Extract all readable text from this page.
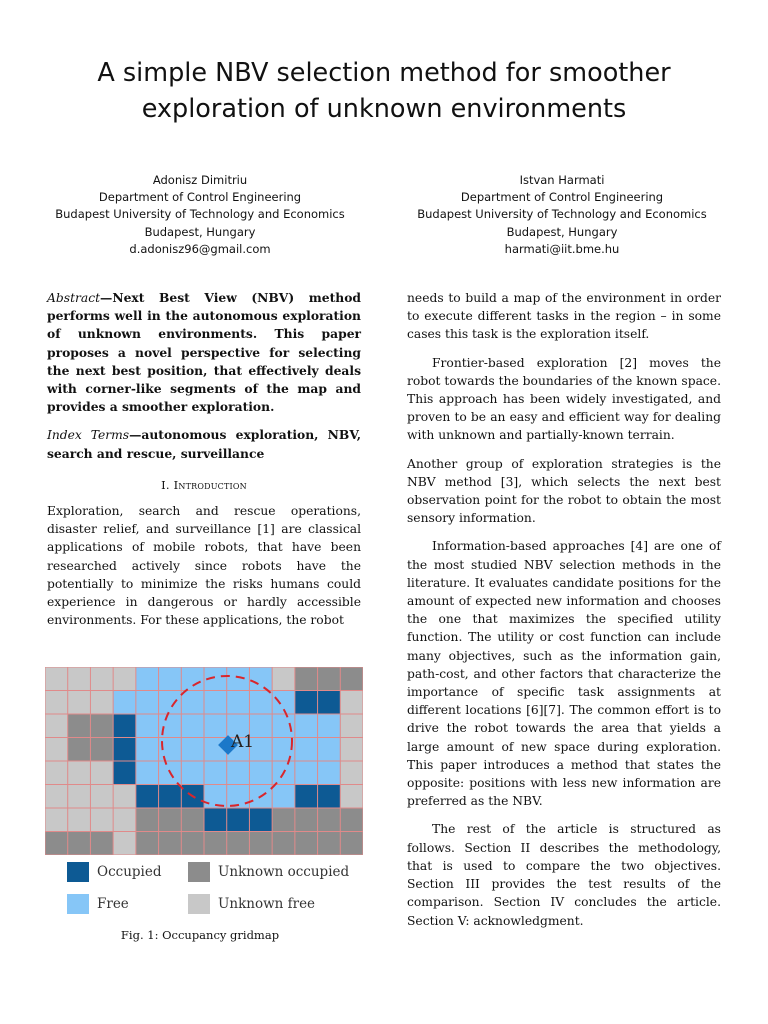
A simple NBV selection method for smoother
exploration of unknown environments
Adonisz Dimitriu
Department of Control Engineering
Budapest University of Technology and Economics
Budapest, Hungary
d.adonisz96@gmail.com
Istvan Harmati
Department of Control Engineering
Budapest University of Technology and Economics
Budapest, Hungary
harmati@iit.bme.hu

Abstract—Next Best View (NBV) method performs well in the autonomous exploration of unknown environments. This paper proposes a novel perspective for selecting the next best position, that effectively deals with corner-like segments of the map and provides a smoother exploration.

Index Terms—autonomous exploration, NBV, search and rescue, surveillance

I. Introduction

Exploration, search and rescue operations, disaster relief, and surveillance [1] are classical applications of mobile robots, that have been researched actively since robots have the potentially to minimize the risks humans could experience in dangerous or hardly accessible environments. For these applications, the robot

A1
Occupied	Unknown occupied
Free	Unknown free
Fig. 1: Occupancy gridmap

needs to build a map of the environment in order to execute different tasks in the region – in some cases this task is the exploration itself.

Frontier-based exploration [2] moves the robot towards the boundaries of the known space. This approach has been widely investigated, and proven to be an easy and efficient way for dealing with unknown and partially-known terrain.

Another group of exploration strategies is the NBV method [3], which selects the next best observation point for the robot to obtain the most sensory information.

Information-based approaches [4] are one of the most studied NBV selection methods in the literature. It evaluates candidate positions for the amount of expected new information and chooses the one that maximizes the specified utility function. The utility or cost function can include many objectives, such as the information gain, path-cost, and other factors that characterize the importance of specific task assignments at different locations [6][7]. The common effort is to drive the robot towards the area that yields a large amount of new space during exploration. This paper introduces a method that states the opposite: positions with less new information are preferred as the NBV.

The rest of the article is structured as follows. Section II describes the methodology, that is used to compare the two objectives. Section III provides the test results of the comparison. Section IV concludes the article. Section V: acknowledgment.
